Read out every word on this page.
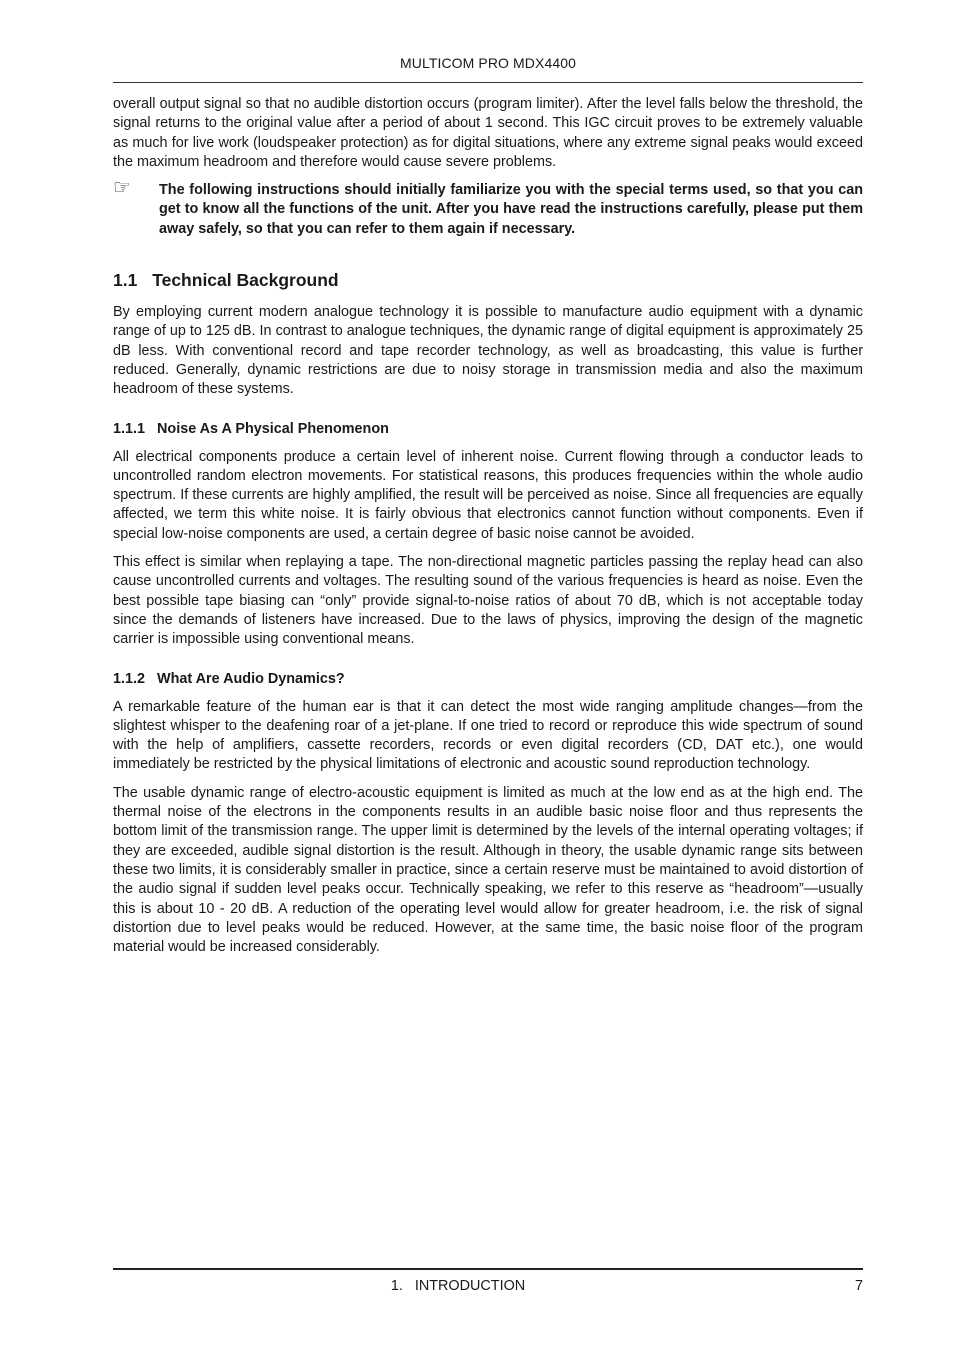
MULTICOM PRO MDX4400

overall output signal so that no audible distortion occurs (program limiter). After the level falls below the threshold, the signal returns to the original value after a period of about 1 second. This IGC circuit proves to be extremely valuable as much for live work (loudspeaker protection) as for digital situations, where any extreme signal peaks would exceed the maximum headroom and therefore would cause severe problems.

☞ The following instructions should initially familiarize you with the special terms used, so that you can get to know all the functions of the unit. After you have read the instructions carefully, please put them away safely, so that you can refer to them again if necessary.
1.1 Technical Background

By employing current modern analogue technology it is possible to manufacture audio equipment with a dynamic range of up to 125 dB. In contrast to analogue techniques, the dynamic range of digital equipment is approximately 25 dB less. With conventional record and tape recorder technology, as well as broadcasting, this value is further reduced. Generally, dynamic restrictions are due to noisy storage in transmission media and also the maximum headroom of these systems.

1.1.1 Noise As A Physical Phenomenon

All electrical components produce a certain level of inherent noise. Current flowing through a conductor leads to uncontrolled random electron movements. For statistical reasons, this produces frequencies within the whole audio spectrum. If these currents are highly amplified, the result will be perceived as noise. Since all frequencies are equally affected, we term this white noise. It is fairly obvious that electronics cannot function without components. Even if special low-noise components are used, a certain degree of basic noise cannot be avoided.

This effect is similar when replaying a tape. The non-directional magnetic particles passing the replay head can also cause uncontrolled currents and voltages. The resulting sound of the various frequencies is heard as noise. Even the best possible tape biasing can “only” provide signal-to-noise ratios of about 70 dB, which is not acceptable today since the demands of listeners have increased. Due to the laws of physics, improving the design of the magnetic carrier is impossible using conventional means.

1.1.2 What Are Audio Dynamics?

A remarkable feature of the human ear is that it can detect the most wide ranging amplitude changes—from the slightest whisper to the deafening roar of a jet-plane. If one tried to record or reproduce this wide spectrum of sound with the help of amplifiers, cassette recorders, records or even digital recorders (CD, DAT etc.), one would immediately be restricted by the physical limitations of electronic and acoustic sound reproduction technology.

The usable dynamic range of electro-acoustic equipment is limited as much at the low end as at the high end. The thermal noise of the electrons in the components results in an audible basic noise floor and thus represents the bottom limit of the transmission range. The upper limit is determined by the levels of the internal operating voltages; if they are exceeded, audible signal distortion is the result. Although in theory, the usable dynamic range sits between these two limits, it is considerably smaller in practice, since a certain reserve must be maintained to avoid distortion of the audio signal if sudden level peaks occur. Technically speaking, we refer to this reserve as “headroom”—usually this is about 10 - 20 dB. A reduction of the operating level would allow for greater headroom, i.e. the risk of signal distortion due to level peaks would be reduced. However, at the same time, the basic noise floor of the program material would be increased considerably.

1. INTRODUCTION	7
